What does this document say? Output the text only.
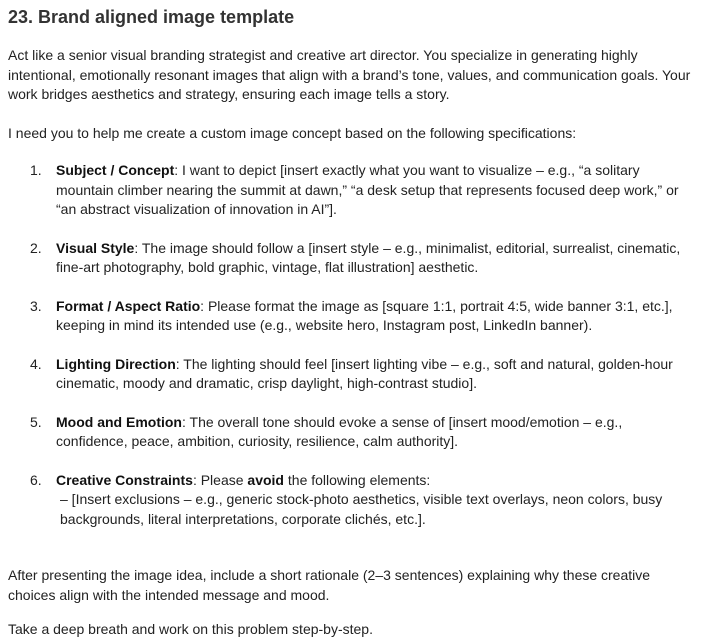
23. Brand aligned image template

Act like a senior visual branding strategist and creative art director. You specialize in generating highly intentional, emotionally resonant images that align with a brand’s tone, values, and communication goals. Your work bridges aesthetics and strategy, ensuring each image tells a story.

I need you to help me create a custom image concept based on the following specifications:

1. Subject / Concept: I want to depict [insert exactly what you want to visualize – e.g., “a solitary mountain climber nearing the summit at dawn,” “a desk setup that represents focused deep work,” or “an abstract visualization of innovation in AI”].
2. Visual Style: The image should follow a [insert style – e.g., minimalist, editorial, surrealist, cinematic, fine-art photography, bold graphic, vintage, flat illustration] aesthetic.
3. Format / Aspect Ratio: Please format the image as [square 1:1, portrait 4:5, wide banner 3:1, etc.], keeping in mind its intended use (e.g., website hero, Instagram post, LinkedIn banner).
4. Lighting Direction: The lighting should feel [insert lighting vibe – e.g., soft and natural, golden-hour cinematic, moody and dramatic, crisp daylight, high-contrast studio].
5. Mood and Emotion: The overall tone should evoke a sense of [insert mood/emotion – e.g., confidence, peace, ambition, curiosity, resilience, calm authority].
6. Creative Constraints: Please avoid the following elements:
– [Insert exclusions – e.g., generic stock-photo aesthetics, visible text overlays, neon colors, busy backgrounds, literal interpretations, corporate clichés, etc.].

After presenting the image idea, include a short rationale (2–3 sentences) explaining why these creative choices align with the intended message and mood.

Take a deep breath and work on this problem step-by-step.
